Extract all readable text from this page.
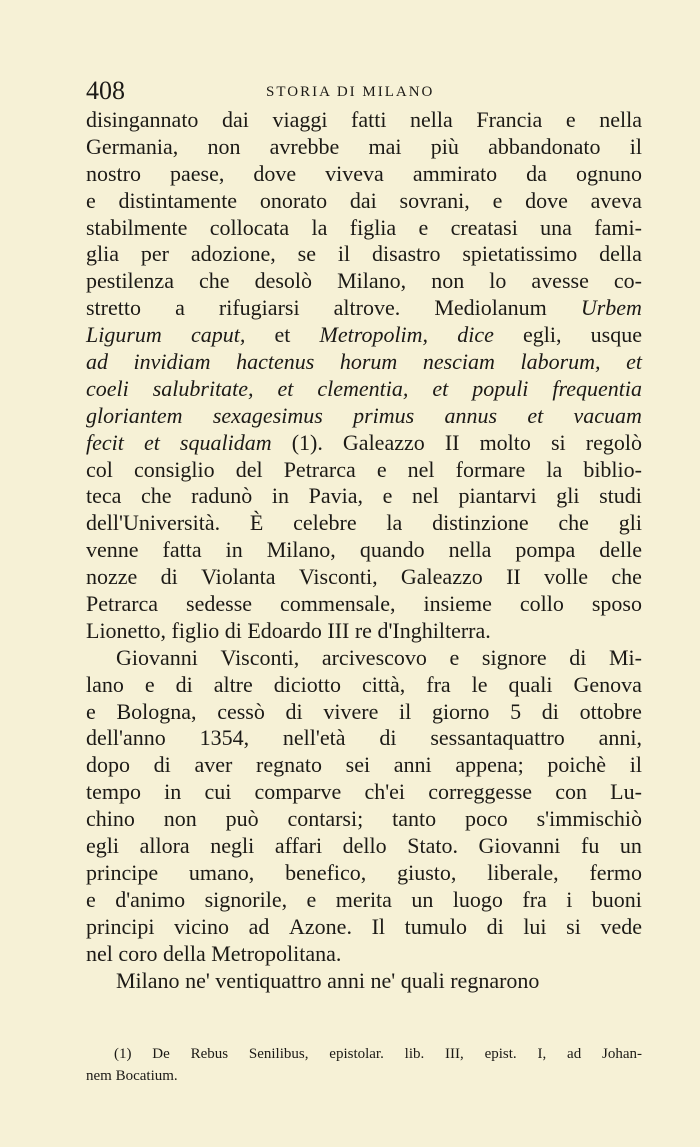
408	STORIA DI MILANO
disingannato dai viaggi fatti nella Francia e nella
Germania, non avrebbe mai più abbandonato il
nostro paese, dove viveva ammirato da ognuno
e distintamente onorato dai sovrani, e dove aveva
stabilmente collocata la figlia e creatasi una fami-
glia per adozione, se il disastro spietatissimo della
pestilenza che desolò Milano, non lo avesse co-
stretto a rifugiarsi altrove. Mediolanum Urbem
Ligurum caput, et Metropolim, dice egli, usque
ad invidiam hactenus horum nesciam laborum, et
coeli salubritate, et clementia, et populi frequentia
gloriantem sexagesimus primus annus et vacuam
fecit et squalidam (1). Galeazzo II molto si regolò
col consiglio del Petrarca e nel formare la biblio-
teca che radunò in Pavia, e nel piantarvi gli studi
dell'Università. È celebre la distinzione che gli
venne fatta in Milano, quando nella pompa delle
nozze di Violanta Visconti, Galeazzo II volle che
Petrarca sedesse commensale, insieme collo sposo
Lionetto, figlio di Edoardo III re d'Inghilterra.
Giovanni Visconti, arcivescovo e signore di Mi-
lano e di altre diciotto città, fra le quali Genova
e Bologna, cessò di vivere il giorno 5 di ottobre
dell'anno 1354, nell'età di sessantaquattro anni,
dopo di aver regnato sei anni appena; poichè il
tempo in cui comparve ch'ei correggesse con Lu-
chino non può contarsi; tanto poco s'immischiò
egli allora negli affari dello Stato. Giovanni fu un
principe umano, benefico, giusto, liberale, fermo
e d'animo signorile, e merita un luogo fra i buoni
principi vicino ad Azone. Il tumulo di lui si vede
nel coro della Metropolitana.
Milano ne' ventiquattro anni ne' quali regnarono
(1) De Rebus Senilibus, epistolar. lib. III, epist. I, ad Johan-
nem Bocatium.
